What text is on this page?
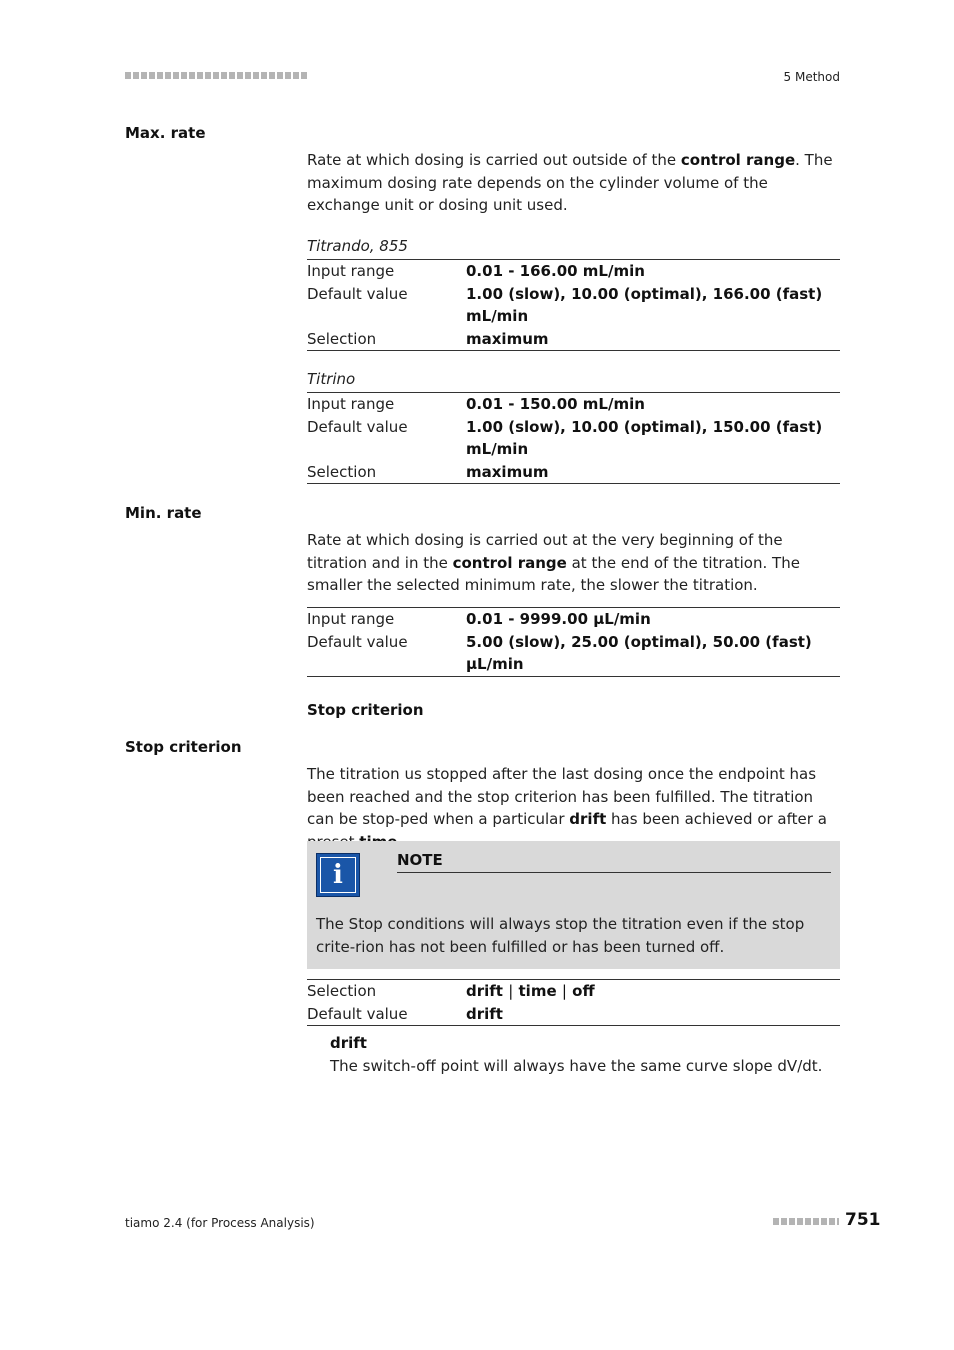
5 Method
Max. rate

Rate at which dosing is carried out outside of the control range. The maximum dosing rate depends on the cylinder volume of the exchange unit or dosing unit used.

Titrando, 855
Input range	0.01 - 166.00 mL/min
Default value	1.00 (slow), 10.00 (optimal), 166.00 (fast) mL/min
Selection	maximum
Titrino
Input range	0.01 - 150.00 mL/min
Default value	1.00 (slow), 10.00 (optimal), 150.00 (fast) mL/min
Selection	maximum
Min. rate

Rate at which dosing is carried out at the very beginning of the titration and in the control range at the end of the titration. The smaller the selected minimum rate, the slower the titration.

Input range	0.01 - 9999.00 µL/min
Default value	5.00 (slow), 25.00 (optimal), 50.00 (fast) µL/min
Stop criterion
Stop criterion

The titration us stopped after the last dosing once the endpoint has been reached and the stop criterion has been fulfilled. The titration can be stop-ped when a particular drift has been achieved or after a

i	NOTE
The Stop conditions will always stop the titration even if the stop crite-rion has not been fulfilled or has been turned off.
Selection	drift | time | off
Default value	drift
drift
The switch-off point will always have the same curve slope dV/dt.
tiamo 2.4 (for Process Analysis)	751
